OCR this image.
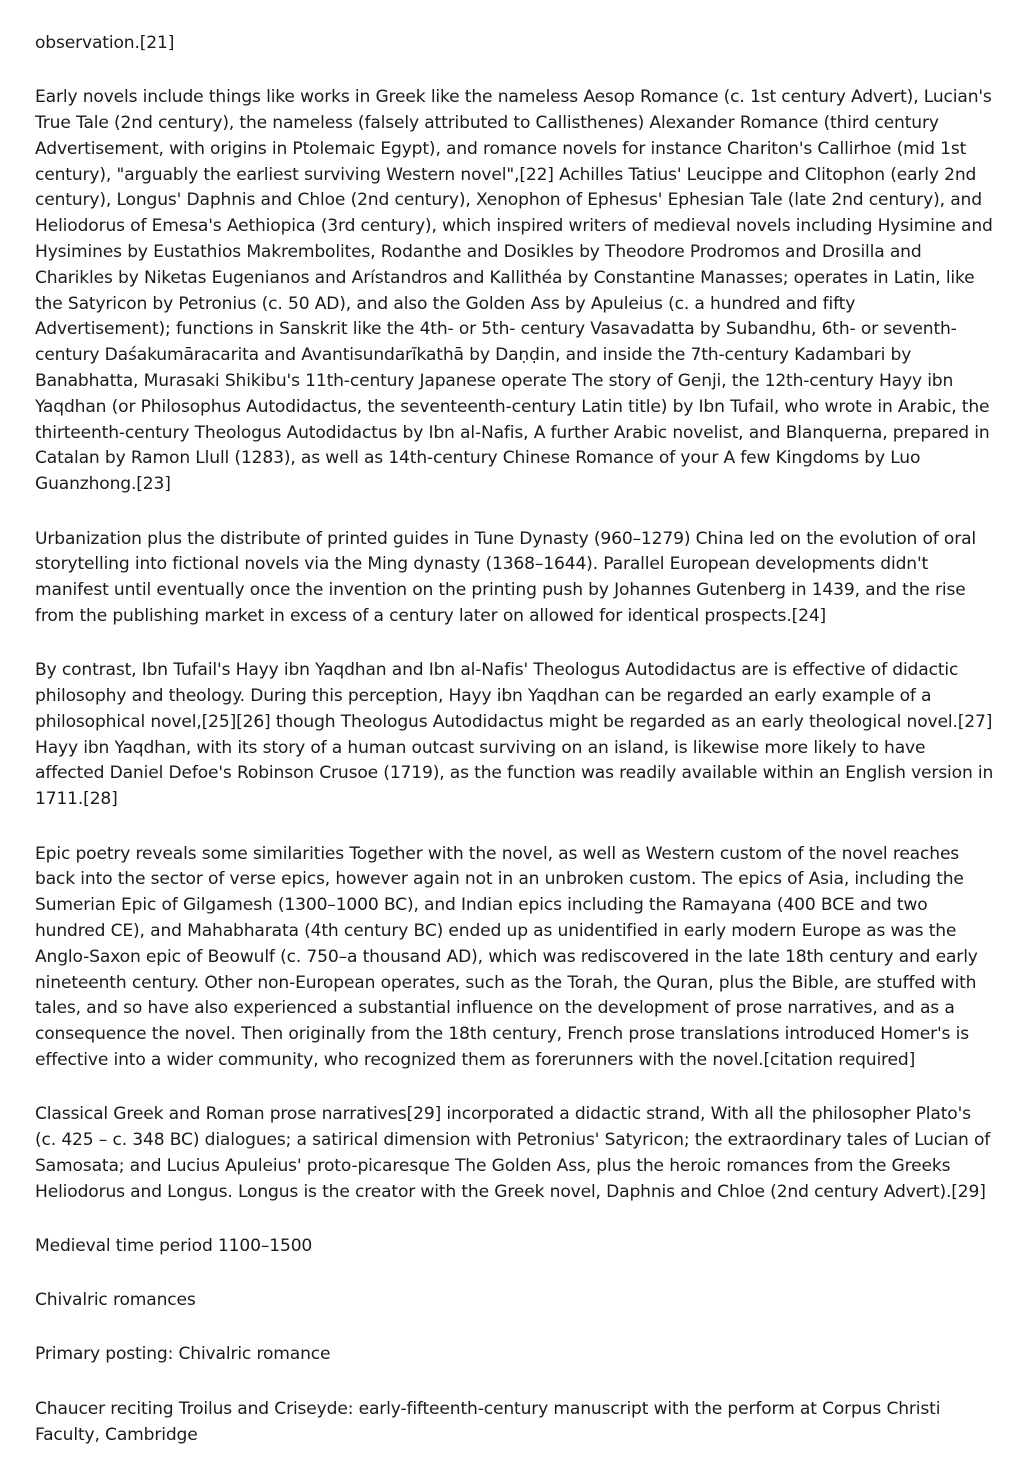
observation.[21]

Early novels include things like works in Greek like the nameless Aesop Romance (c. 1st century Advert), Lucian's True Tale (2nd century), the nameless (falsely attributed to Callisthenes) Alexander Romance (third century Advertisement, with origins in Ptolemaic Egypt), and romance novels for instance Chariton's Callirhoe (mid 1st century), "arguably the earliest surviving Western novel",[22] Achilles Tatius' Leucippe and Clitophon (early 2nd century), Longus' Daphnis and Chloe (2nd century), Xenophon of Ephesus' Ephesian Tale (late 2nd century), and Heliodorus of Emesa's Aethiopica (3rd century), which inspired writers of medieval novels including Hysimine and Hysimines by Eustathios Makrembolites, Rodanthe and Dosikles by Theodore Prodromos and Drosilla and Charikles by Niketas Eugenianos and Arístandros and Kallithéa by Constantine Manasses; operates in Latin, like the Satyricon by Petronius (c. 50 AD), and also the Golden Ass by Apuleius (c. a hundred and fifty Advertisement); functions in Sanskrit like the 4th- or 5th- century Vasavadatta by Subandhu, 6th- or seventh-century Daśakumāracarita and Avantisundarīkathā by Daṇḍin, and inside the 7th-century Kadambari by Banabhatta, Murasaki Shikibu's 11th-century Japanese operate The story of Genji, the 12th-century Hayy ibn Yaqdhan (or Philosophus Autodidactus, the seventeenth-century Latin title) by Ibn Tufail, who wrote in Arabic, the thirteenth-century Theologus Autodidactus by Ibn al-Nafis, A further Arabic novelist, and Blanquerna, prepared in Catalan by Ramon Llull (1283), as well as 14th-century Chinese Romance of your A few Kingdoms by Luo Guanzhong.[23]

Urbanization plus the distribute of printed guides in Tune Dynasty (960–1279) China led on the evolution of oral storytelling into fictional novels via the Ming dynasty (1368–1644). Parallel European developments didn't manifest until eventually once the invention on the printing push by Johannes Gutenberg in 1439, and the rise from the publishing market in excess of a century later on allowed for identical prospects.[24]

By contrast, Ibn Tufail's Hayy ibn Yaqdhan and Ibn al-Nafis' Theologus Autodidactus are is effective of didactic philosophy and theology. During this perception, Hayy ibn Yaqdhan can be regarded an early example of a philosophical novel,[25][26] though Theologus Autodidactus might be regarded as an early theological novel.[27] Hayy ibn Yaqdhan, with its story of a human outcast surviving on an island, is likewise more likely to have affected Daniel Defoe's Robinson Crusoe (1719), as the function was readily available within an English version in 1711.[28]

Epic poetry reveals some similarities Together with the novel, as well as Western custom of the novel reaches back into the sector of verse epics, however again not in an unbroken custom. The epics of Asia, including the Sumerian Epic of Gilgamesh (1300–1000 BC), and Indian epics including the Ramayana (400 BCE and two hundred CE), and Mahabharata (4th century BC) ended up as unidentified in early modern Europe as was the Anglo-Saxon epic of Beowulf (c. 750–a thousand AD), which was rediscovered in the late 18th century and early nineteenth century. Other non-European operates, such as the Torah, the Quran, plus the Bible, are stuffed with tales, and so have also experienced a substantial influence on the development of prose narratives, and as a consequence the novel. Then originally from the 18th century, French prose translations introduced Homer's is effective into a wider community, who recognized them as forerunners with the novel.[citation required]

Classical Greek and Roman prose narratives[29] incorporated a didactic strand, With all the philosopher Plato's (c. 425 – c. 348 BC) dialogues; a satirical dimension with Petronius' Satyricon; the extraordinary tales of Lucian of Samosata; and Lucius Apuleius' proto-picaresque The Golden Ass, plus the heroic romances from the Greeks Heliodorus and Longus. Longus is the creator with the Greek novel, Daphnis and Chloe (2nd century Advert).[29]

Medieval time period 1100–1500

Chivalric romances

Primary posting: Chivalric romance

Chaucer reciting Troilus and Criseyde: early-fifteenth-century manuscript with the perform at Corpus Christi Faculty, Cambridge
